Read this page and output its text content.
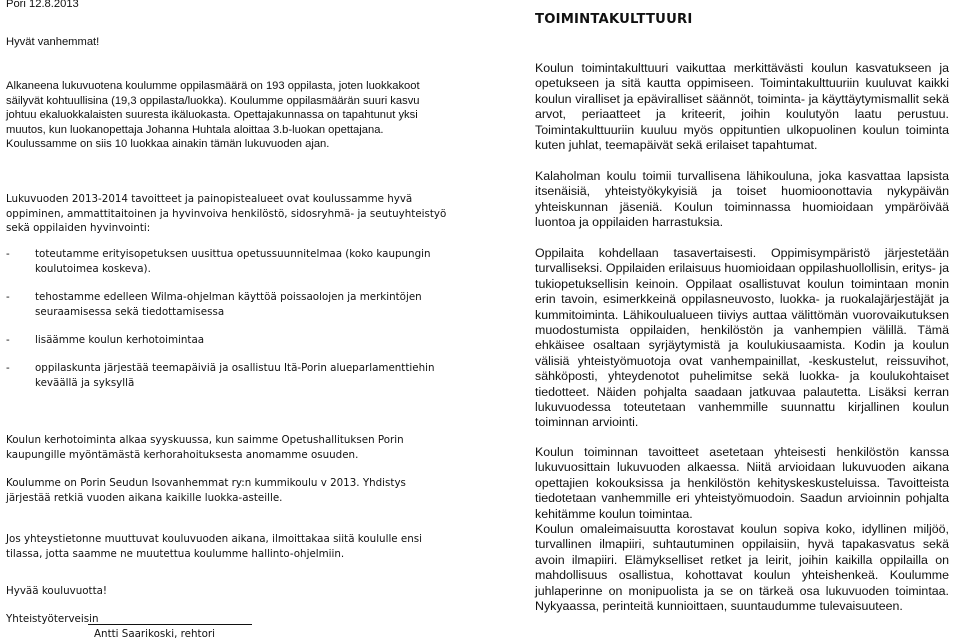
Pori 12.8.2013

Hyvät vanhemmat!

Alkaneena lukuvuotena koulumme oppilasmäärä on 193 oppilasta, joten luokkakoot säilyvät kohtuullisina (19,3 oppilasta/luokka). Koulumme oppilasmäärän suuri kasvu johtuu ekaluokkalaisten suuresta ikäluokasta. Opettajakunnassa on tapahtunut yksi muutos, kun luokanopettaja Johanna Huhtala aloittaa 3.b-luokan opettajana. Koulussamme on siis 10 luokkaa ainakin tämän lukuvuoden ajan.

Lukuvuoden 2013-2014 tavoitteet ja painopistealueet ovat koulussamme hyvä oppiminen, ammattitaitoinen ja hyvinvoiva henkilöstö, sidosryhmä- ja seutuyhteistyö sekä oppilaiden hyvinvointi:

- toteutamme erityisopetuksen uusittua opetussuunnitelmaa (koko kaupungin koulutoimea koskeva).
- tehostamme edelleen Wilma-ohjelman käyttöä poissaolojen ja merkintöjen seuraamisessa sekä tiedottamisessa
- lisäämme koulun kerhotoimintaa
- oppilaskunta järjestää teemapäiviä ja osallistuu Itä-Porin alueparlamenttiehin keväällä ja syksyllä

Koulun kerhotoiminta alkaa syyskuussa, kun saimme Opetushallituksen Porin kaupungille myöntämästä kerhorahoituksesta anomamme osuuden.

Koulumme on Porin Seudun Isovanhemmat ry:n kummikoulu v 2013. Yhdistys järjestää retkiä vuoden aikana kaikille luokka-asteille.

Jos yhteystietonne muuttuvat kouluvuoden aikana, ilmoittakaa siitä koululle ensi tilassa, jotta saamme ne muutettua koulumme hallinto-ohjelmiin.

Hyvää kouluvuotta!

Yhteistyöterveisin

Antti Saarikoski, rehtori

TOIMINTAKULTTUURI

Koulun toimintakulttuuri vaikuttaa merkittävästi koulun kasvatukseen ja opetukseen ja sitä kautta oppimiseen. Toimintakulttuuriin kuuluvat kaikki koulun viralliset ja epäviralliset säännöt, toiminta- ja käyttäytymismallit sekä arvot, periaatteet ja kriteerit, joihin koulutyön laatu perustuu. Toimintakulttuuriin kuuluu myös oppituntien ulkopuolinen koulun toiminta kuten juhlat, teemapäivät sekä erilaiset tapahtumat.

Kalaholman koulu toimii turvallisena lähikouluna, joka kasvattaa lapsista itsenäisiä, yhteistyökykyisiä ja toiset huomioonottavia nykypäivän yhteiskunnan jäseniä. Koulun toiminnassa huomioidaan ympäröivää luontoa ja oppilaiden harrastuksia.

Oppilaita kohdellaan tasavertaisesti. Oppimisympäristö järjestetään turvalliseksi. Oppilaiden erilaisuus huomioidaan oppilashuollollisin, eritys- ja tukiopetuksellisin keinoin. Oppilaat osallistuvat koulun toimintaan monin erin tavoin, esimerkkeinä oppilasneuvosto, luokka- ja ruokalajärjestäjät ja kummitoiminta. Lähikoulualueen tiiviys auttaa välittömän vuorovaikutuksen muodostumista oppilaiden, henkilöstön ja vanhempien välillä. Tämä ehkäisee osaltaan syrjäytymistä ja koulukiusaamista. Kodin ja koulun välisiä yhteistyömuotoja ovat vanhempainillat, -keskustelut, reissuvihot, sähköposti, yhteydenotot puhelimitse sekä luokka- ja koulukohtaiset tiedotteet. Näiden pohjalta saadaan jatkuvaa palautetta. Lisäksi kerran lukuvuodessa toteutetaan vanhemmille suunnattu kirjallinen koulun toiminnan arviointi.

Koulun toiminnan tavoitteet asetetaan yhteisesti henkilöstön kanssa lukuvuosittain lukuvuoden alkaessa. Niitä arvioidaan lukuvuoden aikana opettajien kokouksissa ja henkilöstön kehityskeskusteluissa. Tavoitteista tiedotetaan vanhemmille eri yhteistyömuodoin. Saadun arvioinnin pohjalta kehitämme koulun toimintaa.

Koulun omaleimaisuutta korostavat koulun sopiva koko, idyllinen miljöö, turvallinen ilmapiiri, suhtautuminen oppilaisiin, hyvä tapakasvatus sekä avoin ilmapiiri. Elämykselliset retket ja leirit, joihin kaikilla oppilailla on mahdollisuus osallistua, kohottavat koulun yhteishenkeä. Koulumme juhlaperinne on monipuolista ja se on tärkeä osa lukuvuoden toimintaa. Nykyaassa, perinteitä kunnioittaen, suuntaudumme tulevaisuuteen.
